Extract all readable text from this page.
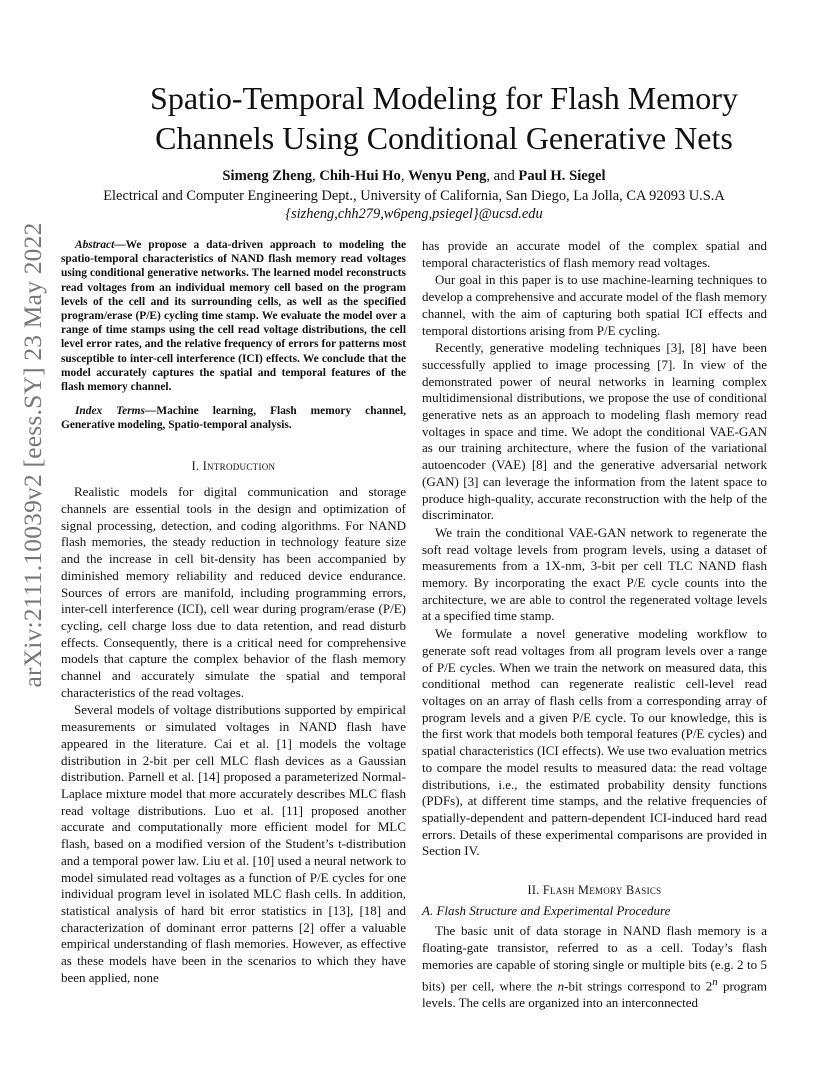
arXiv:2111.10039v2 [eess.SY] 23 May 2022
Spatio-Temporal Modeling for Flash Memory
Channels Using Conditional Generative Nets
Simeng Zheng, Chih-Hui Ho, Wenyu Peng, and Paul H. Siegel
Electrical and Computer Engineering Dept., University of California, San Diego, La Jolla, CA 92093 U.S.A
{sizheng,chh279,w6peng,psiegel}@ucsd.edu

Abstract—We propose a data-driven approach to modeling the spatio-temporal characteristics of NAND flash memory read voltages using conditional generative networks. The learned model reconstructs read voltages from an individual memory cell based on the program levels of the cell and its surrounding cells, as well as the specified program/erase (P/E) cycling time stamp. We evaluate the model over a range of time stamps using the cell read voltage distributions, the cell level error rates, and the relative frequency of errors for patterns most susceptible to inter-cell interference (ICI) effects. We conclude that the model accurately captures the spatial and temporal features of the flash memory channel.

Index Terms—Machine learning, Flash memory channel, Generative modeling, Spatio-temporal analysis.

I. Introduction

Realistic models for digital communication and storage channels are essential tools in the design and optimization of signal processing, detection, and coding algorithms. For NAND flash memories, the steady reduction in technology feature size and the increase in cell bit-density has been accompanied by diminished memory reliability and reduced device endurance. Sources of errors are manifold, including programming errors, inter-cell interference (ICI), cell wear during program/erase (P/E) cycling, cell charge loss due to data retention, and read disturb effects. Consequently, there is a critical need for comprehensive models that capture the complex behavior of the flash memory channel and accurately simulate the spatial and temporal characteristics of the read voltages.

Several models of voltage distributions supported by empirical measurements or simulated voltages in NAND flash have appeared in the literature. Cai et al. [1] models the voltage distribution in 2-bit per cell MLC flash devices as a Gaussian distribution. Parnell et al. [14] proposed a parameterized Normal-Laplace mixture model that more accurately describes MLC flash read voltage distributions. Luo et al. [11] proposed another accurate and computationally more efficient model for MLC flash, based on a modified version of the Student’s t-distribution and a temporal power law. Liu et al. [10] used a neural network to model simulated read voltages as a function of P/E cycles for one individual program level in isolated MLC flash cells. In addition, statistical analysis of hard bit error statistics in [13], [18] and characterization of dominant error patterns [2] offer a valuable empirical understanding of flash memories. However, as effective as these models have been in the scenarios to which they have been applied, none

has provide an accurate model of the complex spatial and temporal characteristics of flash memory read voltages.

Our goal in this paper is to use machine-learning techniques to develop a comprehensive and accurate model of the flash memory channel, with the aim of capturing both spatial ICI effects and temporal distortions arising from P/E cycling.

Recently, generative modeling techniques [3], [8] have been successfully applied to image processing [7]. In view of the demonstrated power of neural networks in learning complex multidimensional distributions, we propose the use of conditional generative nets as an approach to modeling flash memory read voltages in space and time. We adopt the conditional VAE-GAN as our training architecture, where the fusion of the variational autoencoder (VAE) [8] and the generative adversarial network (GAN) [3] can leverage the information from the latent space to produce high-quality, accurate reconstruction with the help of the discriminator.

We train the conditional VAE-GAN network to regenerate the soft read voltage levels from program levels, using a dataset of measurements from a 1X-nm, 3-bit per cell TLC NAND flash memory. By incorporating the exact P/E cycle counts into the architecture, we are able to control the regenerated voltage levels at a specified time stamp.

We formulate a novel generative modeling workflow to generate soft read voltages from all program levels over a range of P/E cycles. When we train the network on measured data, this conditional method can regenerate realistic cell-level read voltages on an array of flash cells from a corresponding array of program levels and a given P/E cycle. To our knowledge, this is the first work that models both temporal features (P/E cycles) and spatial characteristics (ICI effects). We use two evaluation metrics to compare the model results to measured data: the read voltage distributions, i.e., the estimated probability density functions (PDFs), at different time stamps, and the relative frequencies of spatially-dependent and pattern-dependent ICI-induced hard read errors. Details of these experimental comparisons are provided in Section IV.

II. Flash Memory Basics
A. Flash Structure and Experimental Procedure

The basic unit of data storage in NAND flash memory is a floating-gate transistor, referred to as a cell. Today’s flash memories are capable of storing single or multiple bits (e.g. 2 to 5 bits) per cell, where the n-bit strings correspond to 2$^n$ program levels. The cells are organized into an interconnected
